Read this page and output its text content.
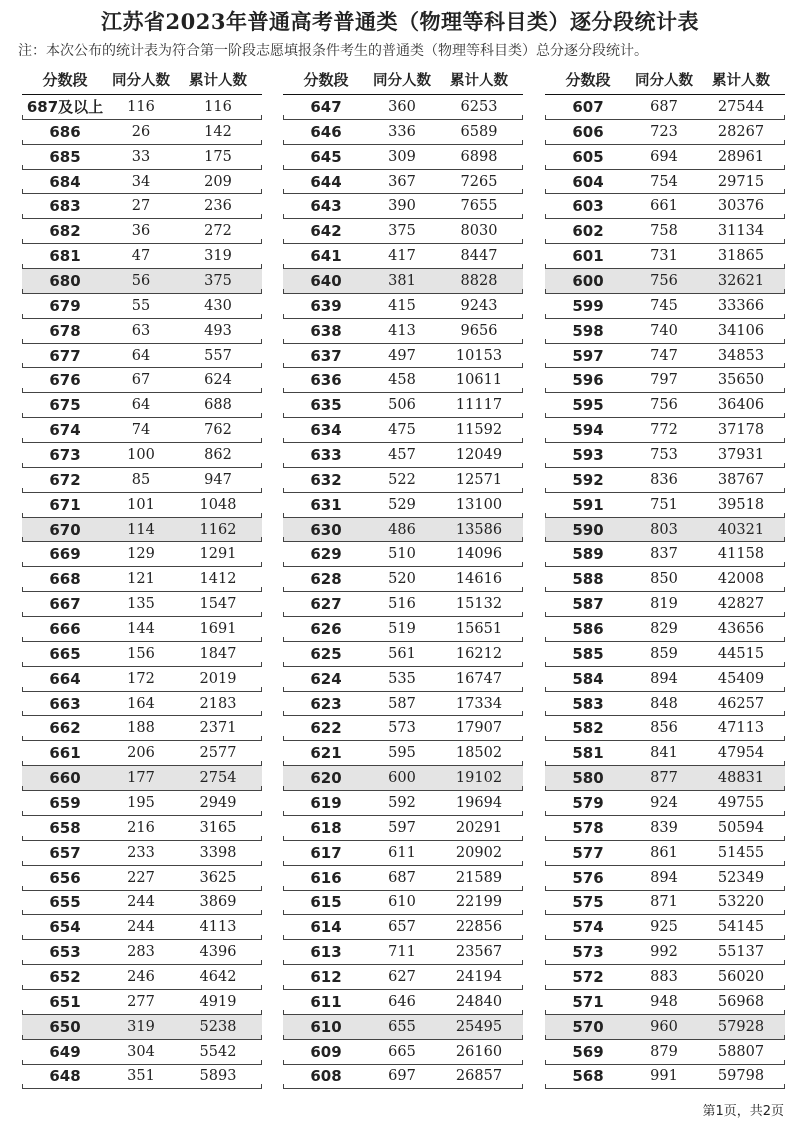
江苏省2023年普通高考普通类（物理等科目类）逐分段统计表
注：本次公布的统计表为符合第一阶段志愿填报条件考生的普通类（物理等科目类）总分逐分段统计。
分数段	同分人数	累计人数
687及以上	116	116
686	26	142
685	33	175
684	34	209
683	27	236
682	36	272
681	47	319
680	56	375
679	55	430
678	63	493
677	64	557
676	67	624
675	64	688
674	74	762
673	100	862
672	85	947
671	101	1048
670	114	1162
669	129	1291
668	121	1412
667	135	1547
666	144	1691
665	156	1847
664	172	2019
663	164	2183
662	188	2371
661	206	2577
660	177	2754
659	195	2949
658	216	3165
657	233	3398
656	227	3625
655	244	3869
654	244	4113
653	283	4396
652	246	4642
651	277	4919
650	319	5238
649	304	5542
648	351	5893
分数段	同分人数	累计人数
647	360	6253
646	336	6589
645	309	6898
644	367	7265
643	390	7655
642	375	8030
641	417	8447
640	381	8828
639	415	9243
638	413	9656
637	497	10153
636	458	10611
635	506	11117
634	475	11592
633	457	12049
632	522	12571
631	529	13100
630	486	13586
629	510	14096
628	520	14616
627	516	15132
626	519	15651
625	561	16212
624	535	16747
623	587	17334
622	573	17907
621	595	18502
620	600	19102
619	592	19694
618	597	20291
617	611	20902
616	687	21589
615	610	22199
614	657	22856
613	711	23567
612	627	24194
611	646	24840
610	655	25495
609	665	26160
608	697	26857
分数段	同分人数	累计人数
607	687	27544
606	723	28267
605	694	28961
604	754	29715
603	661	30376
602	758	31134
601	731	31865
600	756	32621
599	745	33366
598	740	34106
597	747	34853
596	797	35650
595	756	36406
594	772	37178
593	753	37931
592	836	38767
591	751	39518
590	803	40321
589	837	41158
588	850	42008
587	819	42827
586	829	43656
585	859	44515
584	894	45409
583	848	46257
582	856	47113
581	841	47954
580	877	48831
579	924	49755
578	839	50594
577	861	51455
576	894	52349
575	871	53220
574	925	54145
573	992	55137
572	883	56020
571	948	56968
570	960	57928
569	879	58807
568	991	59798
第1页，共2页
